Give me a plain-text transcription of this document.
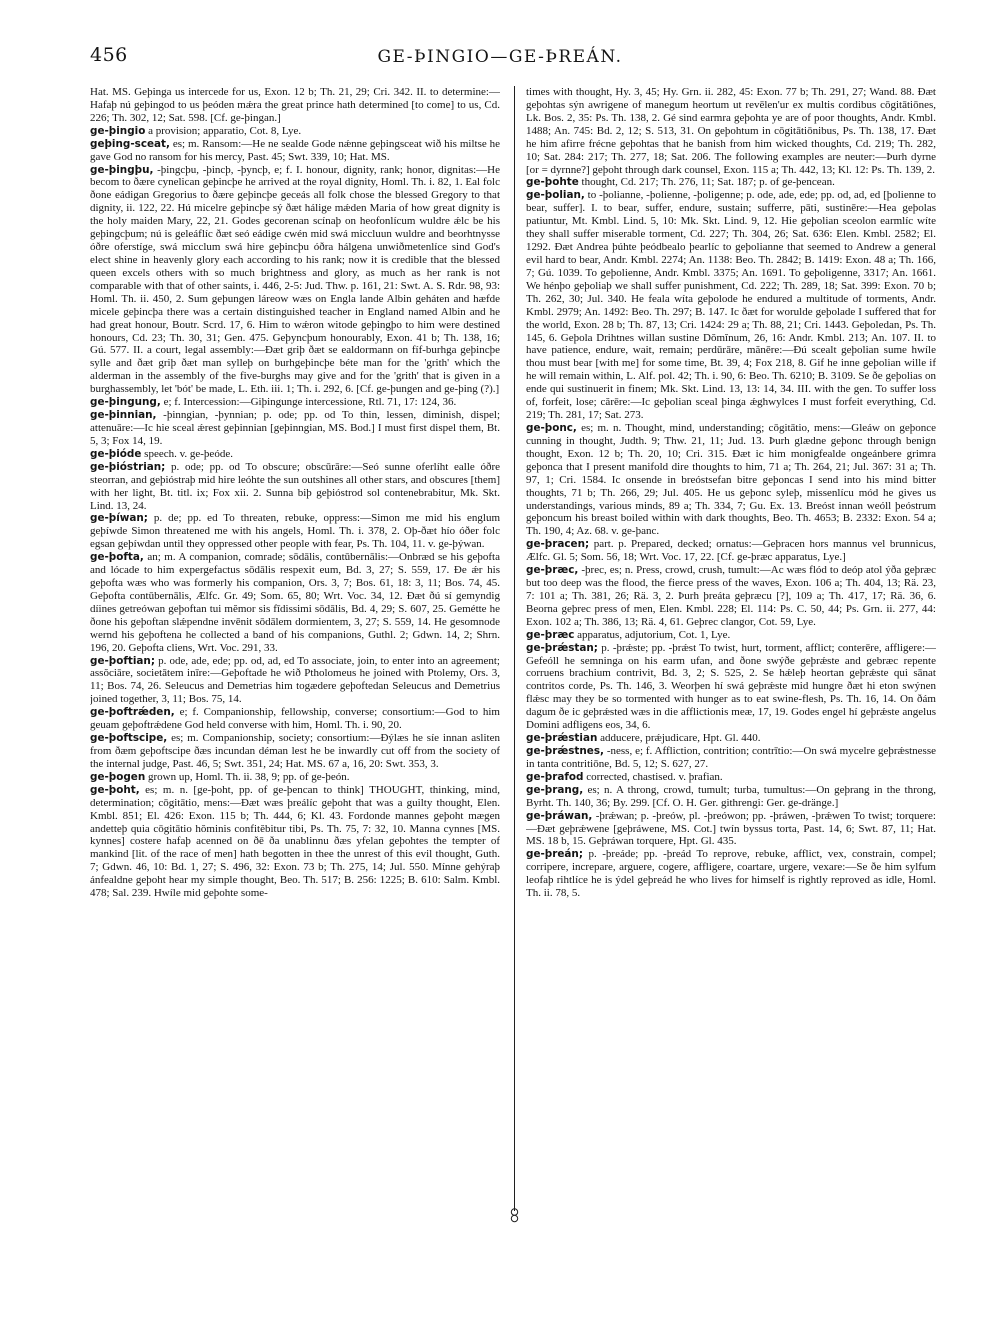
456	GE-ÞINGIO—GE-ÞREÁN.

Hat. MS. Geþinga us intercede for us, Exon. 12 b; Th. 21, 29; Cri. 342. II. to determine:—Hafaþ nú geþingod to us þeóden mǽra the great prince hath determined [to come] to us, Cd. 226; Th. 302, 12; Sat. 598. [Cf. ge-þingan.]

ge-þingio a provision; apparatio, Cot. 8, Lye.

geþing-sceat, es; m. Ransom:—He ne sealde Gode nǽnne geþingsceat wið his miltse he gave God no ransom for his mercy, Past. 45; Swt. 339, 10; Hat. MS.

ge-þingþu, -þingcþu, -þincþ, -þyncþ, e; f. I. honour, dignity, rank; honor, dignitas:—He becom to ðære cynelican geþincþe he arrived at the royal dignity, Homl. Th. i. 82, 1. Eal folc ðone eádigan Gregorius to ðære geþincþe geceás all folk chose the blessed Gregory to that dignity, ii. 122, 22. Hú micelre geþincþe sý ðæt hálige mǽden Maria of how great dignity is the holy maiden Mary, 22, 21. Godes gecorenan scínaþ on heofonlícum wuldre ǽlc be his geþingcþum; nú is geleáflíc ðæt seó eádige cwén mid swá miccluun wuldre and beorhtnysse óðre oferstíge, swá micclum swá hire geþincþu óðra hálgena unwiðmetenlíce sind God's elect shine in heavenly glory each according to his rank; now it is credible that the blessed queen excels others with so much brightness and glory, as much as her rank is not comparable with that of other saints, i. 446, 2-5: Jud. Thw. p. 161, 21: Swt. A. S. Rdr. 98, 93: Homl. Th. ii. 450, 2. Sum geþungen láreow wæs on Engla lande Albin geháten and hæfde micele geþincþa there was a certain distinguished teacher in England named Albin and he had great honour, Boutr. Scrd. 17, 6. Him to wǽron witode geþingþo to him were destined honours, Cd. 23; Th. 30, 31; Gen. 475. Geþyncþum honourably, Exon. 41 b; Th. 138, 16; Gú. 577. II. a court, legal assembly:—Ðæt griþ ðæt se ealdormann on fíf-burhga geþincþe sylle and ðæt griþ ðæt man sylleþ on burhgeþincþe béte man for the 'grith' which the alderman in the assembly of the five-burghs may give and for the 'grith' that is given in a burghassembly, let 'bót' be made, L. Eth. iii. 1; Th. i. 292, 6. [Cf. ge-þungen and ge-þing (?).]

ge-þingung, e; f. Intercession:—Giþingunge intercessione, Rtl. 71, 17: 124, 36.

ge-þinnian, -þinngian, -þynnian; p. ode; pp. od To thin, lessen, diminish, dispel; attenuāre:—Ic hie sceal ǽrest geþinnian [geþinngian, MS. Bod.] I must first dispel them, Bt. 5, 3; Fox 14, 19.

ge-þióde speech. v. ge-þeóde.

ge-þióstrian; p. ode; pp. od To obscure; obscūrāre:—Seó sunne oferlíht ealle óðre steorran, and geþióstraþ mid hire leóhte the sun outshines all other stars, and obscures [them] with her light, Bt. titl. ix; Fox xii. 2. Sunna biþ geþióstrod sol contenebrabitur, Mk. Skt. Lind. 13, 24.

ge-þíwan; p. de; pp. ed To threaten, rebuke, oppress:—Simon me mid his englum geþíwde Simon threatened me with his angels, Homl. Th. i. 378, 2. Oþ-ðæt hío óðer folc egsan geþíwdan until they oppressed other people with fear, Ps. Th. 104, 11. v. ge-þýwan.

ge-þofta, an; m. A companion, comrade; sōdālis, contūbernālis:—Onbræd se his geþofta and lócade to him expergefactus sōdālis respexit eum, Bd. 3, 27; S. 559, 17. Ðe ǽr his geþofta wæs who was formerly his companion, Ors. 3, 7; Bos. 61, 18: 3, 11; Bos. 74, 45. Geþofta contūbernālis, Ælfc. Gr. 49; Som. 65, 80; Wrt. Voc. 34, 12. Ðæt ðú sí gemyndig díines getreówan geþoftan tui mĕmor sis fīdissimi sōdālis, Bd. 4, 29; S. 607, 25. Gemétte he ðone his geþoftan slǽpendne invēnit sōdālem dormientem, 3, 27; S. 559, 14. He gesomnode wernd his geþoftena he collected a band of his companions, Guthl. 2; Gdwn. 14, 2; Shrn. 196, 20. Geþofta cliens, Wrt. Voc. 291, 33.

ge-þoftian; p. ode, ade, ede; pp. od, ad, ed To associate, join, to enter into an agreement; assŏciāre, societātem inīre:—Geþoftade he wið Ptholomeus he joined with Ptolemy, Ors. 3, 11; Bos. 74, 26. Seleucus and Demetrias him togædere geþoftedan Seleucus and Demetrius joined together, 3, 11; Bos. 75, 14.

ge-þoftrǽden, e; f. Companionship, fellowship, converse; consortium:—God to him geuam geþoftrǽdene God held converse with him, Homl. Th. i. 90, 20.

ge-þoftscipe, es; m. Companionship, society; consortium:—Ðýlæs he síe innan asliten from ðæm geþoftscipe ðæs incundan déman lest he be inwardly cut off from the society of the internal judge, Past. 46, 5; Swt. 351, 24; Hat. MS. 67 a, 16, 20: Swt. 353, 3.

ge-þogen grown up, Homl. Th. ii. 38, 9; pp. of ge-þeón.

ge-þoht, es; m. n. [ge-þoht, pp. of ge-þencan to think] THOUGHT, thinking, mind, determination; cōgitātio, mens:—Ðæt wæs þreálíc geþoht that was a guilty thought, Elen. Kmbl. 851; El. 426: Exon. 115 b; Th. 444, 6; Kl. 43. Fordonde mannes geþoht mægen andetteþ quia cōgitātio hŏminis confitĕbitur tibi, Ps. Th. 75, 7: 32, 10. Manna cynnes [MS. kynnes] costere hafaþ acenned on ðē ða unablinnu ðæs yfelan geþohtes the tempter of mankind [lit. of the race of men] hath begotten in thee the unrest of this evil thought, Guth. 7; Gdwn. 46, 10: Bd. 1, 27; S. 496, 32: Exon. 73 b; Th. 275, 14; Jul. 550. Mínne gehýraþ ánfealdne geþoht hear my simple thought, Beo. Th. 517; B. 256: 1225; B. 610: Salm. Kmbl. 478; Sal. 239. Hwíle mid geþohte some-

times with thought, Hy. 3, 45; Hy. Grn. ii. 282, 45: Exon. 77 b; Th. 291, 27; Wand. 88. Ðæt geþohtas sýn awrigene of manegum heortum ut revēlen'ur ex multis cordibus cōgitātiōnes, Lk. Bos. 2, 35: Ps. Th. 138, 2. Gé sind earmra geþohta ye are of poor thoughts, Andr. Kmbl. 1488; An. 745: Bd. 2, 12; S. 513, 31. On geþohtum in cōgitātiōnibus, Ps. Th. 138, 17. Ðæt he him afirre frécne geþohtas that he banish from him wicked thoughts, Cd. 219; Th. 282, 10; Sat. 284: 217; Th. 277, 18; Sat. 206. The following examples are neuter:—Þurh dyrne [or = dyrnne?] geþoht through dark counsel, Exon. 115 a; Th. 442, 13; Kl. 12: Ps. Th. 139, 2.

ge-þohte thought, Cd. 217; Th. 276, 11; Sat. 187; p. of ge-þencean.

ge-þolian, to -þolianne, -þolienne, -þoligenne; p. ode, ade, ede; pp. od, ad, ed [þolienne to bear, suffer]. I. to bear, suffer, endure, sustain; sufferre, pāti, sustinēre:—Hea geþolas patiuntur, Mt. Kmbl. Lind. 5, 10: Mk. Skt. Lind. 9, 12. Hie geþolian sceolon earmlíc wíte they shall suffer miserable torment, Cd. 227; Th. 304, 26; Sat. 636: Elen. Kmbl. 2582; El. 1292. Ðæt Andrea þúhte þeódbealo þearlíc to geþolianne that seemed to Andrew a general evil hard to bear, Andr. Kmbl. 2274; An. 1138: Beo. Th. 2842; B. 1419: Exon. 48 a; Th. 166, 7; Gú. 1039. To geþolienne, Andr. Kmbl. 3375; An. 1691. To geþoligenne, 3317; An. 1661. We hénþo geþoliaþ we shall suffer punishment, Cd. 222; Th. 289, 18; Sat. 399: Exon. 70 b; Th. 262, 30; Jul. 340. He feala wíta geþolode he endured a multitude of torments, Andr. Kmbl. 2979; An. 1492: Beo. Th. 297; B. 147. Ic ðæt for worulde geþolade I suffered that for the world, Exon. 28 b; Th. 87, 13; Cri. 1424: 29 a; Th. 88, 21; Cri. 1443. Geþoledan, Ps. Th. 145, 6. Geþola Drihtnes willan sustine Dŏmĭnum, 26, 16: Andr. Kmbl. 213; An. 107. II. to have patience, endure, wait, remain; perdūrāre, mănēre:—Ðú scealt geþolian sume hwíle thou must bear [with me] for some time, Bt. 39, 4; Fox 218, 8. Gif he inne geþolian wille if he will remain within, L. Alf. pol. 42; Th. i. 90, 6: Beo. Th. 6210; B. 3109. Se ðe geþolias on ende qui sustinuerit in finem; Mk. Skt. Lind. 13, 13: 14, 34. III. with the gen. To suffer loss of, forfeit, lose; cărēre:—Ic geþolian sceal þinga ǽghwylces I must forfeit everything, Cd. 219; Th. 281, 17; Sat. 273.

ge-þonc, es; m. n. Thought, mind, understanding; cōgitātio, mens:—Gleáw on geþonce cunning in thought, Judth. 9; Thw. 21, 11; Jud. 13. Þurh glædne geþonc through benign thought, Exon. 12 b; Th. 20, 10; Cri. 315. Ðæt ic him monigfealde ongeánbere grimra geþonca that I present manifold dire thoughts to him, 71 a; Th. 264, 21; Jul. 367: 31 a; Th. 97, 1; Cri. 1584. Ic onsende in breóstsefan bitre geþoncas I send into his mind bitter thoughts, 71 b; Th. 266, 29; Jul. 405. He us geþonc syleþ, missenlícu mód he gives us understandings, various minds, 89 a; Th. 334, 7; Gu. Ex. 13. Breóst innan weóll þeóstrum geþoncum his breast boiled within with dark thoughts, Beo. Th. 4653; B. 2332: Exon. 54 a; Th. 190, 4; Az. 68. v. ge-þanc.

ge-þracen; part. p. Prepared, decked; ornatus:—Geþracen hors mannus vel brunnicus, Ælfc. Gl. 5; Som. 56, 18; Wrt. Voc. 17, 22. [Cf. ge-þræc apparatus, Lye.]

ge-þræc, -þrec, es; n. Press, crowd, crush, tumult:—Ac wæs flód to deóp atol ýða geþræc but too deep was the flood, the fierce press of the waves, Exon. 106 a; Th. 404, 13; Rä. 23, 7: 101 a; Th. 381, 26; Rä. 3, 2. Þurh þreáta geþræcu [?], 109 a; Th. 417, 17; Rä. 36, 6. Beorna geþrec press of men, Elen. Kmbl. 228; El. 114: Ps. C. 50, 44; Ps. Grn. ii. 277, 44: Exon. 102 a; Th. 386, 13; Rä. 4, 61. Geþrec clangor, Cot. 59, Lye.

ge-þræc apparatus, adjutorium, Cot. 1, Lye.

ge-þrǽstan; p. -þrǽste; pp. -þrǽst To twist, hurt, torment, afflict; conterēre, affligere:—Gefeóll he semninga on his earm ufan, and ðone swýðe geþrǽste and gebræc repente corruens brachium contrivit, Bd. 3, 2; S. 525, 2. Se hǽleþ heortan geþrǽste qui sānat contritos corde, Ps. Th. 146, 3. Weorþen hí swá geþrǽste mid hungre ðæt hi eton swýnen flǽsc may they be so tormented with hunger as to eat swine-flesh, Ps. Th. 16, 14. On ðám dagum ðe ic geþrǽsted wæs in die afflictionis meæ, 17, 19. Godes engel hí geþrǽste angelus Domini adfligens eos, 34, 6.

ge-þrǽstian adducere, prǽjudicare, Hpt. Gl. 440.

ge-þrǽstnes, -ness, e; f. Affliction, contrition; contrītio:—On swá mycelre geþrǽstnesse in tanta contritiōne, Bd. 5, 12; S. 627, 27.

ge-þrafod corrected, chastised. v. þrafian.

ge-þrang, es; n. A throng, crowd, tumult; turba, tumultus:—On geþrang in the throng, Byrht. Th. 140, 36; By. 299. [Cf. O. H. Ger. githrengi: Ger. ge-dränge.]

ge-þráwan, -þrǽwan; p. -þreów, pl. -þreówon; pp. -þráwen, -þrǽwen To twist; torquere:—Ðæt geþrǽwene [geþráwene, MS. Cot.] twín byssus torta, Past. 14, 6; Swt. 87, 11; Hat. MS. 18 b, 15. Geþráwan torquere, Hpt. Gl. 435.

ge-þreán; p. -þreáde; pp. -þreád To reprove, rebuke, afflict, vex, constrain, compel; corripere, increpare, arguere, cogere, affligere, coartare, urgere, vexare:—Se ðe him sylfum leofaþ rihtlíce he is ýdel geþreád he who lives for himself is rightly reproved as idle, Homl. Th. ii. 78, 5.
